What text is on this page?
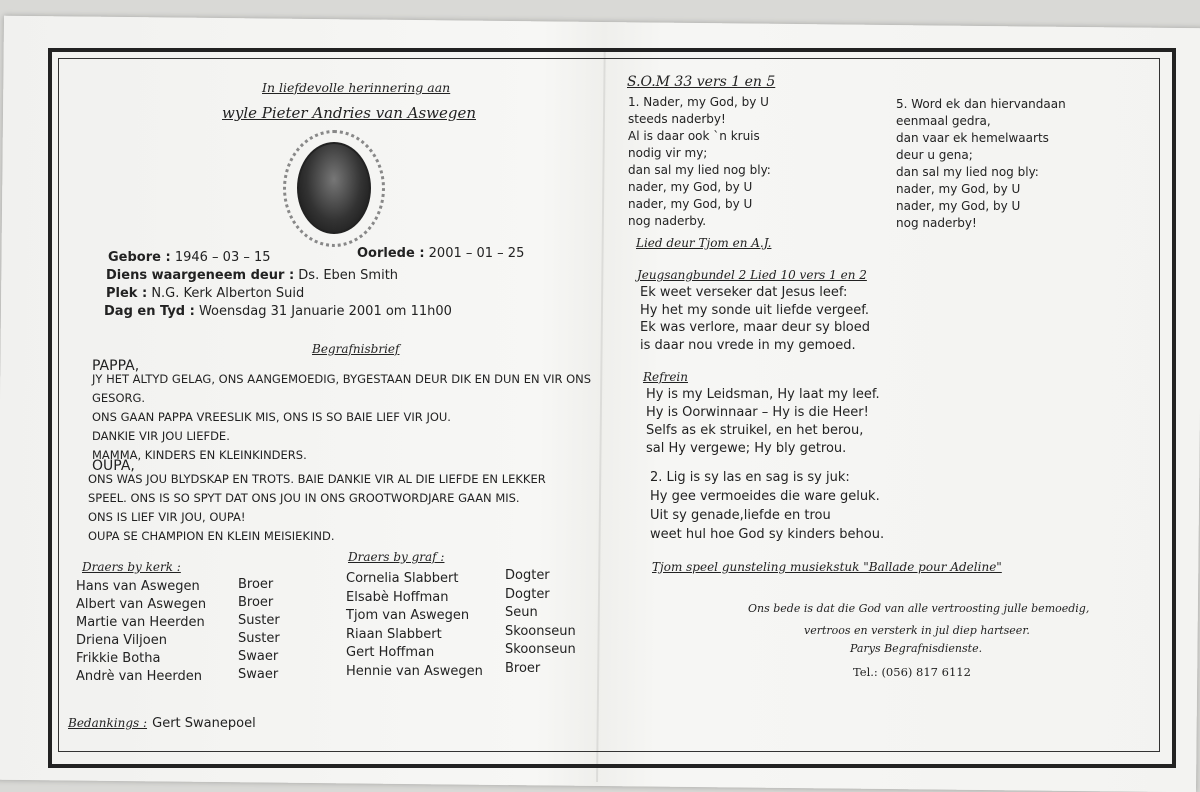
In liefdevolle herinnering aan
wyle Pieter Andries van Aswegen
Gebore : 1946 – 03 – 15	Oorlede : 2001 – 01 – 25
Diens waargeneem deur : Ds. Eben Smith
Plek : N.G. Kerk Alberton Suid
Dag en Tyd : Woensdag 31 Januarie 2001 om 11h00
Begrafnisbrief
PAPPA,
JY HET ALTYD GELAG, ONS AANGEMOEDIG, BYGESTAAN DEUR DIK EN DUN EN VIR ONS
GESORG.
ONS GAAN PAPPA VREESLIK MIS, ONS IS SO BAIE LIEF VIR JOU.
DANKIE VIR JOU LIEFDE.
MAMMA, KINDERS EN KLEINKINDERS.
OUPA,
ONS WAS JOU BLYDSKAP EN TROTS. BAIE DANKIE VIR AL DIE LIEFDE EN LEKKER
SPEEL. ONS IS SO SPYT DAT ONS JOU IN ONS GROOTWORDJARE GAAN MIS.
ONS IS LIEF VIR JOU, OUPA!
OUPA SE CHAMPION EN KLEIN MEISIEKIND.
Draers by kerk :
Hans van Aswegen
Albert van Aswegen
Martie van Heerden
Driena Viljoen
Frikkie Botha
Andrè van Heerden
Broer
Broer
Suster
Suster
Swaer
Swaer
Draers by graf :
Cornelia Slabbert
Elsabè Hoffman
Tjom van Aswegen
Riaan Slabbert
Gert Hoffman
Hennie van Aswegen
Dogter
Dogter
Seun
Skoonseun
Skoonseun
Broer
Bedankings : Gert Swanepoel
S.O.M 33 vers 1 en 5
1. Nader, my God, by U
steeds naderby!
Al is daar ook `n kruis
nodig vir my;
dan sal my lied nog bly:
nader, my God, by U
nader, my God, by U
nog naderby.
5. Word ek dan hiervandaan
eenmaal gedra,
dan vaar ek hemelwaarts
deur u gena;
dan sal my lied nog bly:
nader, my God, by U
nader, my God, by U
nog naderby!
Lied deur Tjom en A.J.
Jeugsangbundel 2 Lied 10 vers 1 en 2
Ek weet verseker dat Jesus leef:
Hy het my sonde uit liefde vergeef.
Ek was verlore, maar deur sy bloed
is daar nou vrede in my gemoed.
Refrein
Hy is my Leidsman, Hy laat my leef.
Hy is Oorwinnaar – Hy is die Heer!
Selfs as ek struikel, en het berou,
sal Hy vergewe; Hy bly getrou.
2. Lig is sy las en sag is sy juk:
Hy gee vermoeides die ware geluk.
Uit sy genade,liefde en trou
weet hul hoe God sy kinders behou.
Tjom speel gunsteling musiekstuk "Ballade pour Adeline"
Ons bede is dat die God van alle vertroosting julle bemoedig,
vertroos en versterk in jul diep hartseer.
Parys Begrafnisdienste.
Tel.: (056) 817 6112
